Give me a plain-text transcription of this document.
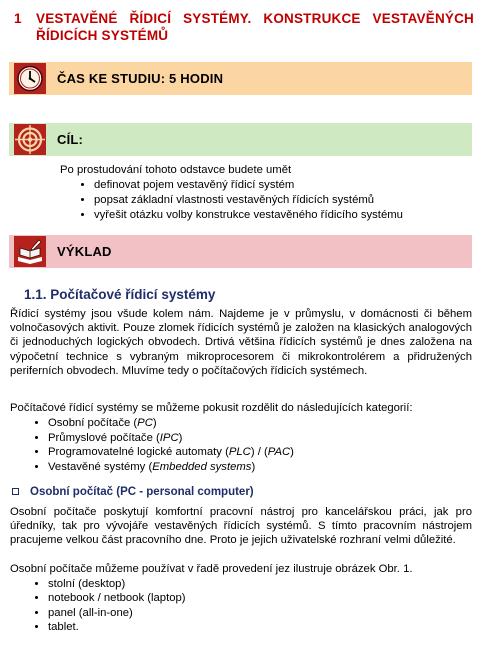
1 VESTAVĚNÉ ŘÍDICÍ SYSTÉMY. KONSTRUKCE VESTAVĚNÝCH ŘÍDICÍCH SYSTÉMŮ
ČAS KE STUDIU: 5 HODIN
CÍL:
Po prostudování tohoto odstavce budete umět
• definovat pojem vestavěný řídicí systém
• popsat základní vlastnosti vestavěných řídicích systémů
• vyřešit otázku volby konstrukce vestavěného řídicího systému
VÝKLAD
1.1. Počítačové řídicí systémy

Řídicí systémy jsou všude kolem nám. Najdeme je v průmyslu, v domácnosti či během volnočasových aktivit. Pouze zlomek řídicích systémů je založen na klasických analogových či jednoduchých logických obvodech. Drtivá většina řídicích systémů je dnes založena na výpočetní technice s vybraným mikroprocesorem či mikrokontrolérem a přidružených periferních obvodech. Mluvíme tedy o počítačových řídicích systémech.

Počítačové řídicí systémy se můžeme pokusit rozdělit do následujících kategorií:

• Osobní počítače (PC)
• Průmyslové počítače (IPC)
• Programovatelné logické automaty (PLC) / (PAC)
• Vestavěné systémy (Embedded systems)
Osobní počítač (PC - personal computer)

Osobní počítače poskytují komfortní pracovní nástroj pro kancelářskou práci, jak pro úředníky, tak pro vývojáře vestavěných řídicích systémů. S tímto pracovním nástrojem pracujeme velkou část pracovního dne. Proto je jejich uživatelské rozhraní velmi důležité.

Osobní počítače můžeme používat v řadě provedení jez ilustruje obrázek Obr. 1.

• stolní (desktop)
• notebook / netbook (laptop)
• panel (all-in-one)
• tablet.
